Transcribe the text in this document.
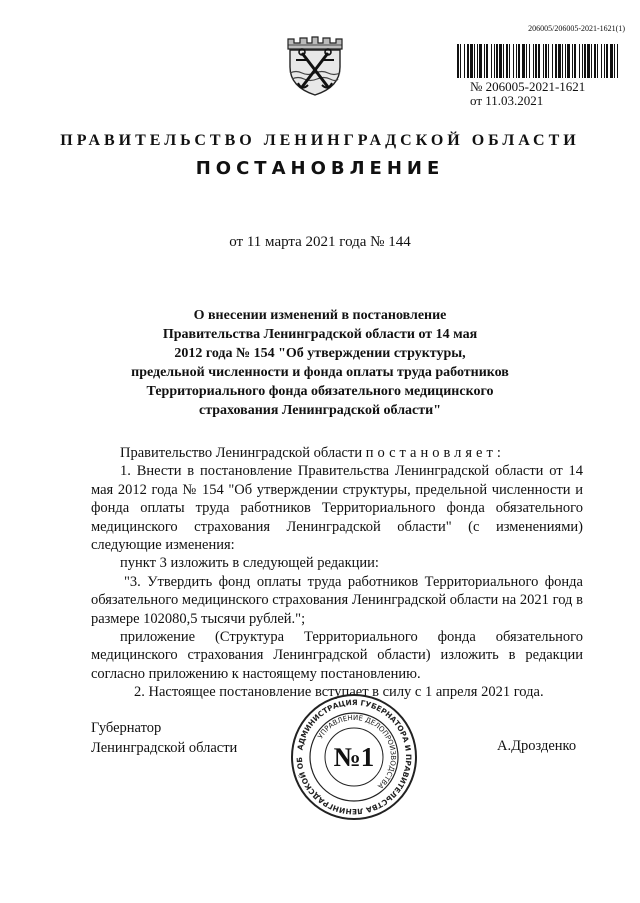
206005/206005-2021-1621(1)
№ 206005-2021-1621
от 11.03.2021
ПРАВИТЕЛЬСТВО ЛЕНИНГРАДСКОЙ ОБЛАСТИ
ПОСТАНОВЛЕНИЕ
от 11 марта 2021 года № 144
О внесении изменений в постановление
Правительства Ленинградской области от 14 мая
2012 года № 154 "Об утверждении структуры,
предельной численности и фонда оплаты труда работников
Территориального фонда обязательного медицинского
страхования Ленинградской области"

Правительство Ленинградской области постановляет:

1. Внести в постановление Правительства Ленинградской области от 14 мая 2012 года № 154 "Об утверждении структуры, предельной численности и фонда оплаты труда работников Территориального фонда обязательного медицинского страхования Ленинградской области" (с изменениями) следующие изменения:

пункт 3 изложить в следующей редакции:

"3. Утвердить фонд оплаты труда работников Территориального фонда обязательного медицинского страхования Ленинградской области на 2021 год в размере 102080,5 тысячи рублей.";

приложение (Структура Территориального фонда обязательного медицинского страхования Ленинградской области) изложить в редакции согласно приложению к настоящему постановлению.

2. Настоящее постановление вступает в силу с 1 апреля 2021 года.

Губернатор
Ленинградской области	А.Дрозденко
АДМИНИСТРАЦИЯ ГУБЕРНАТОРА И ПРАВИТЕЛЬСТВА ЛЕНИНГРАДСКОЙ ОБ
УПРАВЛЕНИЕ ДЕЛОПРОИЗВОДСТВА
№1
